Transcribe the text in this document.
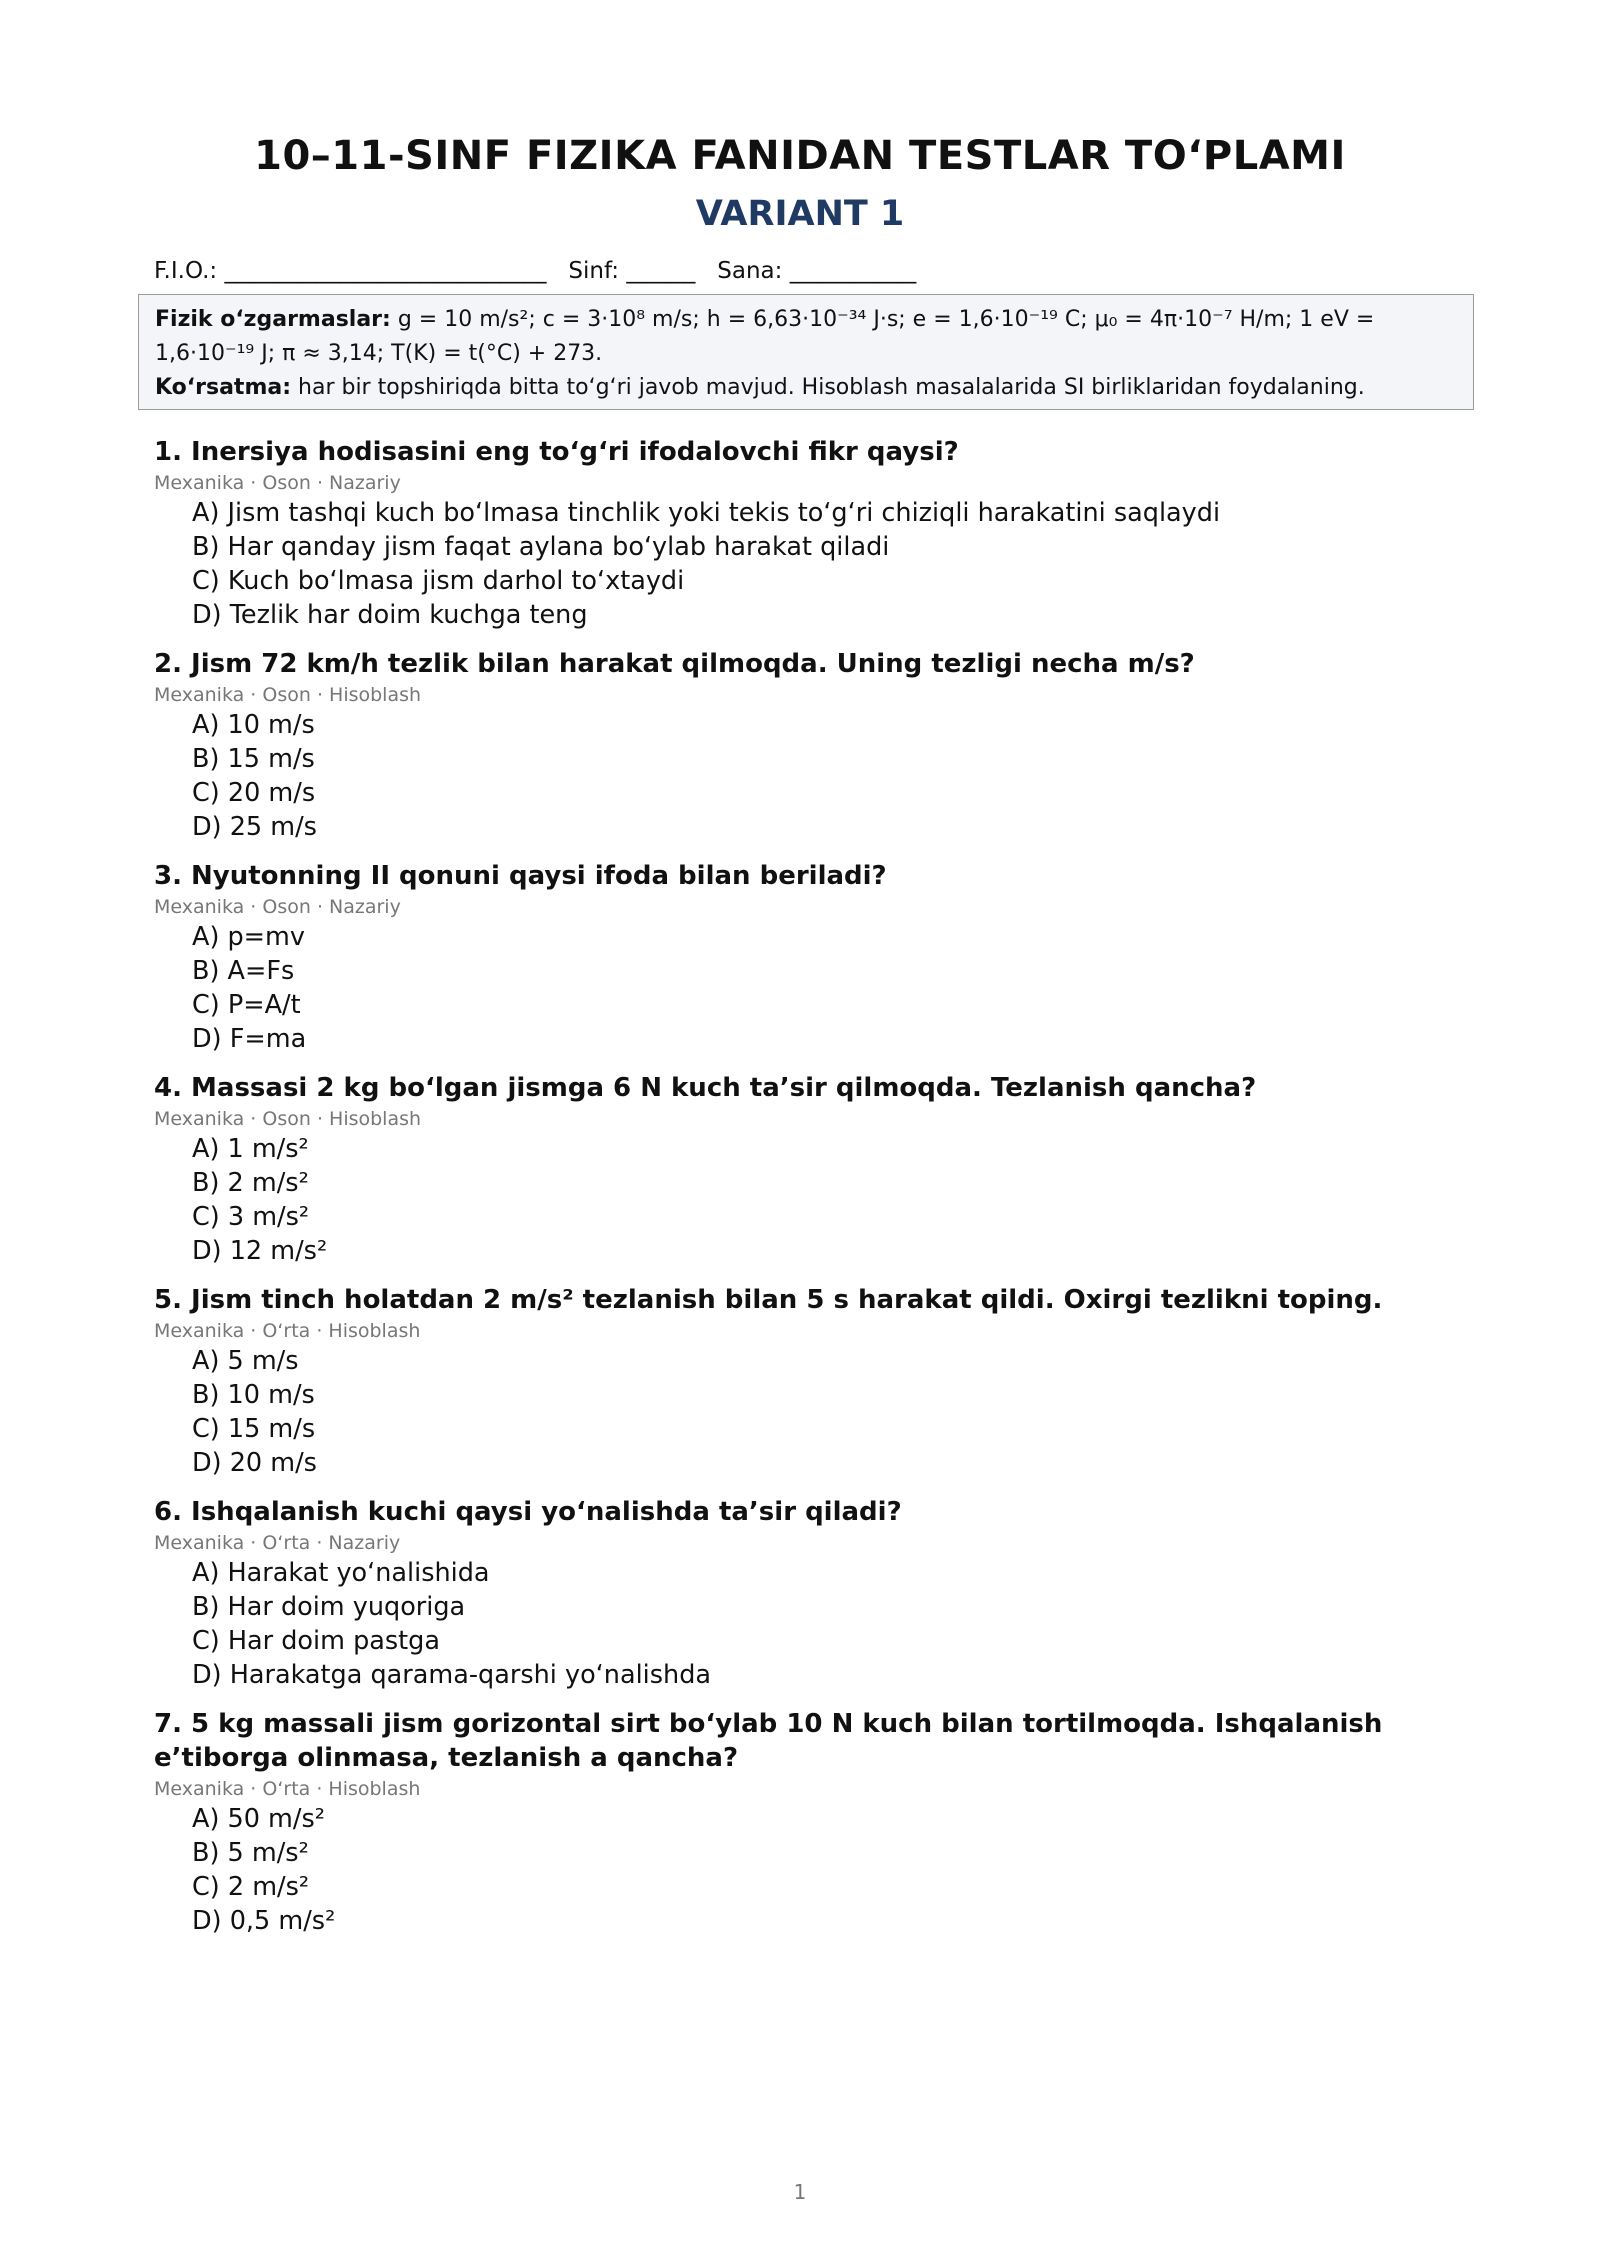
10–11-SINF FIZIKA FANIDAN TESTLAR TO‘PLAMI
VARIANT 1
F.I.O.: ____________________________ Sinf: ______ Sana: ___________
Fizik o‘zgarmaslar: g = 10 m/s²; c = 3·10⁸ m/s; h = 6,63·10⁻³⁴ J·s; e = 1,6·10⁻¹⁹ C; μ₀ = 4π·10⁻⁷ H/m; 1 eV =
1,6·10⁻¹⁹ J; π ≈ 3,14; T(K) = t(°C) + 273.
Ko‘rsatma: har bir topshiriqda bitta to‘g‘ri javob mavjud. Hisoblash masalalarida SI birliklaridan foydalaning.
1. Inersiya hodisasini eng to‘g‘ri ifodalovchi fikr qaysi?
Mexanika · Oson · Nazariy
A) Jism tashqi kuch bo‘lmasa tinchlik yoki tekis to‘g‘ri chiziqli harakatini saqlaydi
B) Har qanday jism faqat aylana bo‘ylab harakat qiladi
C) Kuch bo‘lmasa jism darhol to‘xtaydi
D) Tezlik har doim kuchga teng
2. Jism 72 km/h tezlik bilan harakat qilmoqda. Uning tezligi necha m/s?
Mexanika · Oson · Hisoblash
A) 10 m/s
B) 15 m/s
C) 20 m/s
D) 25 m/s
3. Nyutonning II qonuni qaysi ifoda bilan beriladi?
Mexanika · Oson · Nazariy
A) p=mv
B) A=Fs
C) P=A/t
D) F=ma
4. Massasi 2 kg bo‘lgan jismga 6 N kuch ta’sir qilmoqda. Tezlanish qancha?
Mexanika · Oson · Hisoblash
A) 1 m/s²
B) 2 m/s²
C) 3 m/s²
D) 12 m/s²
5. Jism tinch holatdan 2 m/s² tezlanish bilan 5 s harakat qildi. Oxirgi tezlikni toping.
Mexanika · O‘rta · Hisoblash
A) 5 m/s
B) 10 m/s
C) 15 m/s
D) 20 m/s
6. Ishqalanish kuchi qaysi yo‘nalishda ta’sir qiladi?
Mexanika · O‘rta · Nazariy
A) Harakat yo‘nalishida
B) Har doim yuqoriga
C) Har doim pastga
D) Harakatga qarama-qarshi yo‘nalishda
7. 5 kg massali jism gorizontal sirt bo‘ylab 10 N kuch bilan tortilmoqda. Ishqalanish
e’tiborga olinmasa, tezlanish a qancha?
Mexanika · O‘rta · Hisoblash
A) 50 m/s²
B) 5 m/s²
C) 2 m/s²
D) 0,5 m/s²
1
